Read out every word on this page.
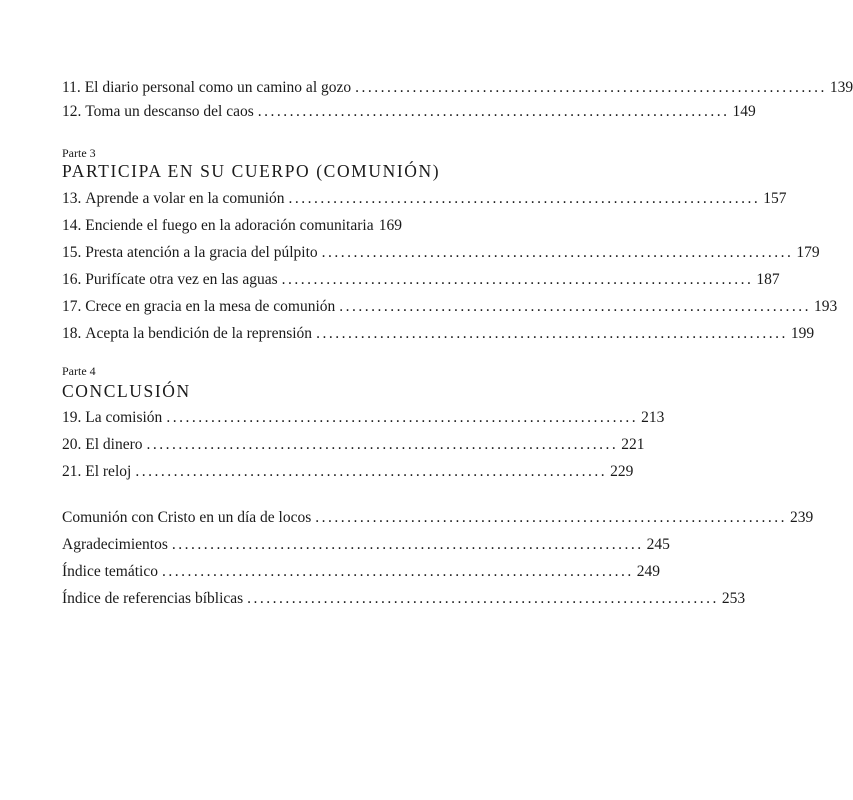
11.
El diario personal como un camino al gozo .......................................................................... 139
12.
Toma un descanso del caos .......................................................................... 149
Parte 3
PARTICIPA EN SU CUERPO (COMUNIÓN)
13.
Aprende a volar en la comunión .......................................................................... 157
14.
Enciende el fuego en la adoración comunitaria 169
15.
Presta atención a la gracia del púlpito .......................................................................... 179
16.
Purifícate otra vez en las aguas .......................................................................... 187
17.
Crece en gracia en la mesa de comunión .......................................................................... 193
18.
Acepta la bendición de la reprensión .......................................................................... 199
Parte 4
CONCLUSIÓN
19.
La comisión .......................................................................... 213
20.
El dinero .......................................................................... 221
21.
El reloj .......................................................................... 229
Comunión con Cristo en un día de locos .......................................................................... 239
Agradecimientos .......................................................................... 245
Índice temático .......................................................................... 249
Índice de referencias bíblicas .......................................................................... 253
